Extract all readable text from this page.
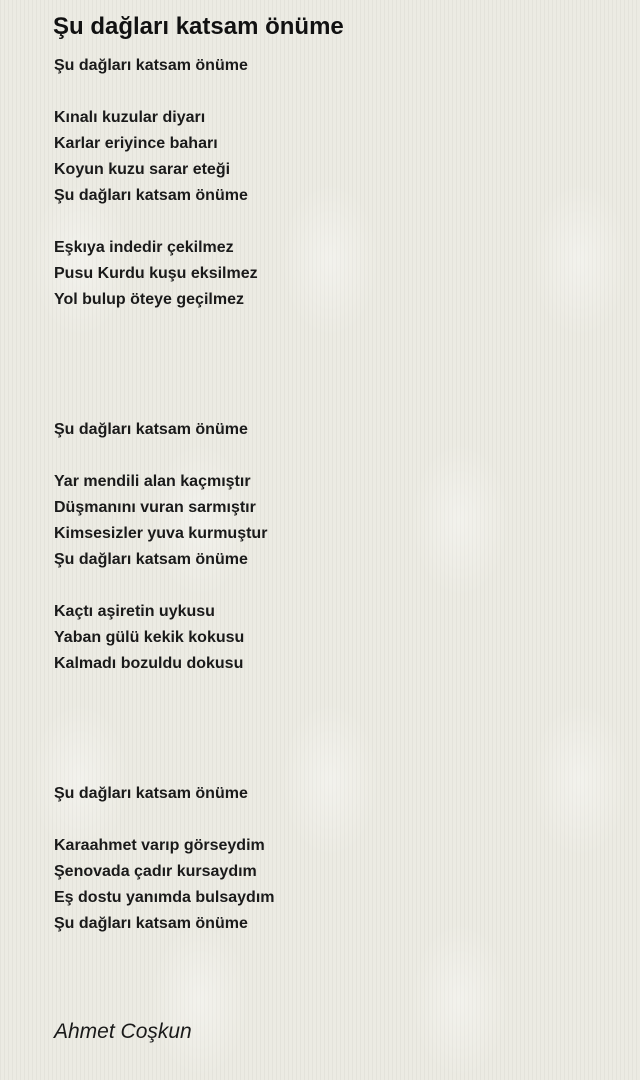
Şu dağları katsam önüme
Şu dağları katsam önüme
Kınalı kuzular diyarı
Karlar eriyince baharı
Koyun kuzu sarar eteği
Şu dağları katsam önüme
Eşkıya indedir çekilmez
Pusu Kurdu kuşu eksilmez
Yol bulup öteye geçilmez
Şu dağları katsam önüme
Yar mendili alan kaçmıştır
Düşmanını vuran sarmıştır
Kimsesizler yuva kurmuştur
Şu dağları katsam önüme
Kaçtı aşiretin uykusu
Yaban gülü kekik kokusu
Kalmadı bozuldu dokusu
Şu dağları katsam önüme
Karaahmet varıp görseydim
Şenovada çadır kursaydım
Eş dostu yanımda bulsaydım
Şu dağları katsam önüme
Ahmet Coşkun
